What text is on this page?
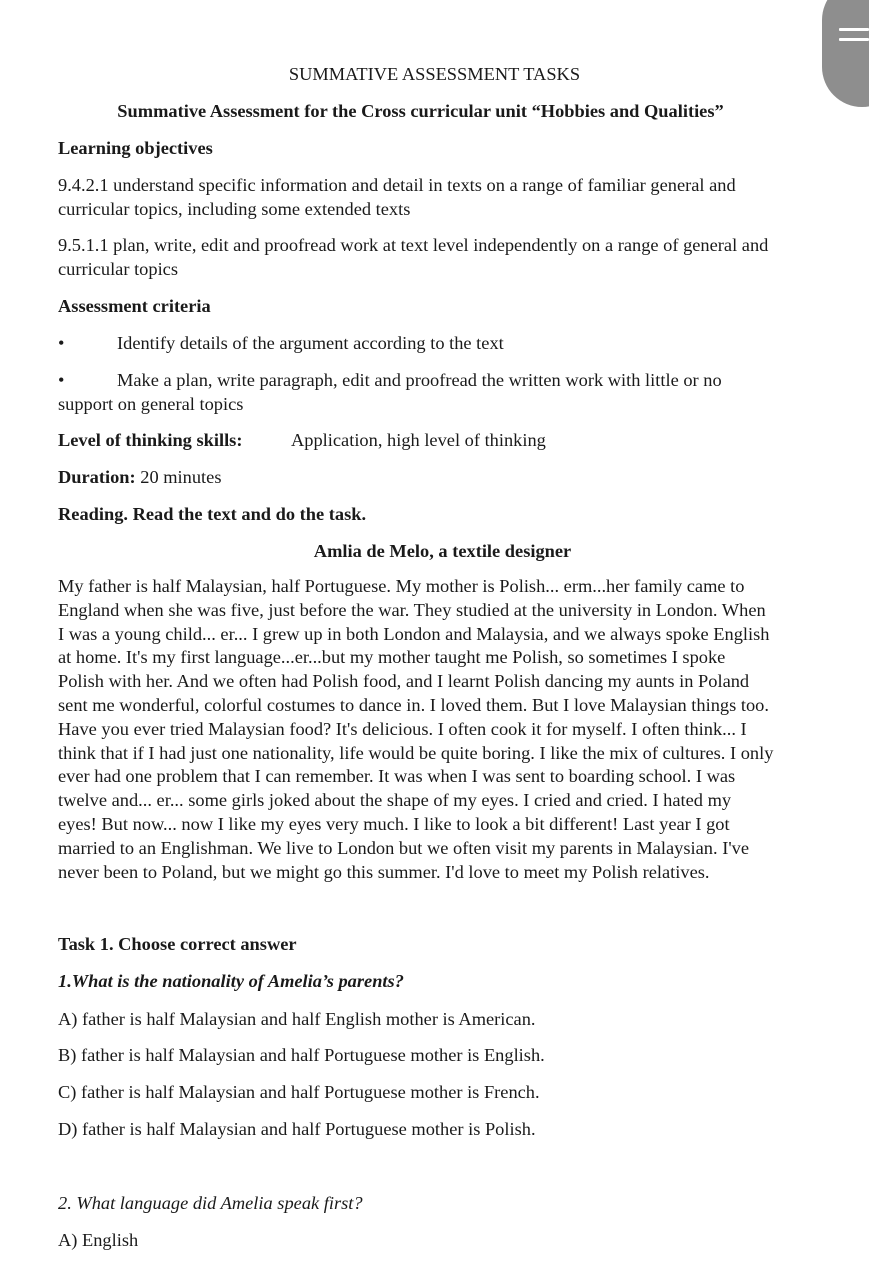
SUMMATIVE ASSESSMENT TASKS
Summative Assessment for the Cross curricular unit “Hobbies and Qualities”
Learning objectives
9.4.2.1 understand specific information and detail in texts on a range of familiar general and
curricular topics, including some extended texts
9.5.1.1 plan, write, edit and proofread work at text level independently on a range of general and
curricular topics
Assessment criteria
•	Identify details of the argument according to the text
•	Make a plan, write paragraph, edit and proofread the written work with little or no
support on general topics
Level of thinking skills:	Application, high level of thinking
Duration: 20 minutes
Reading. Read the text and do the task.
Amlia de Melo, a textile designer
My father is half Malaysian, half Portuguese. My mother is Polish... erm...her family came to
England when she was five, just before the war. They studied at the university in London. When
I was a young child... er... I grew up in both London and Malaysia, and we always spoke English
at home. It's my first language...er...but my mother taught me Polish, so sometimes I spoke
Polish with her. And we often had Polish food, and I learnt Polish dancing my aunts in Poland
sent me wonderful, colorful costumes to dance in. I loved them. But I love Malaysian things too.
Have you ever tried Malaysian food? It's delicious. I often cook it for myself. I often think... I
think that if I had just one nationality, life would be quite boring. I like the mix of cultures. I only
ever had one problem that I can remember. It was when I was sent to boarding school. I was
twelve and... er... some girls joked about the shape of my eyes. I cried and cried. I hated my
eyes! But now... now I like my eyes very much. I like to look a bit different! Last year I got
married to an Englishman. We live to London but we often visit my parents in Malaysian. I've
never been to Poland, but we might go this summer. I'd love to meet my Polish relatives.
Task 1. Choose correct answer
1.What is the nationality of Amelia’s parents?
A) father is half Malaysian and half English mother is American.
B) father is half Malaysian and half Portuguese mother is English.
C) father is half Malaysian and half Portuguese mother is French.
D) father is half Malaysian and half Portuguese mother is Polish.
2. What language did Amelia speak first?
A) English
